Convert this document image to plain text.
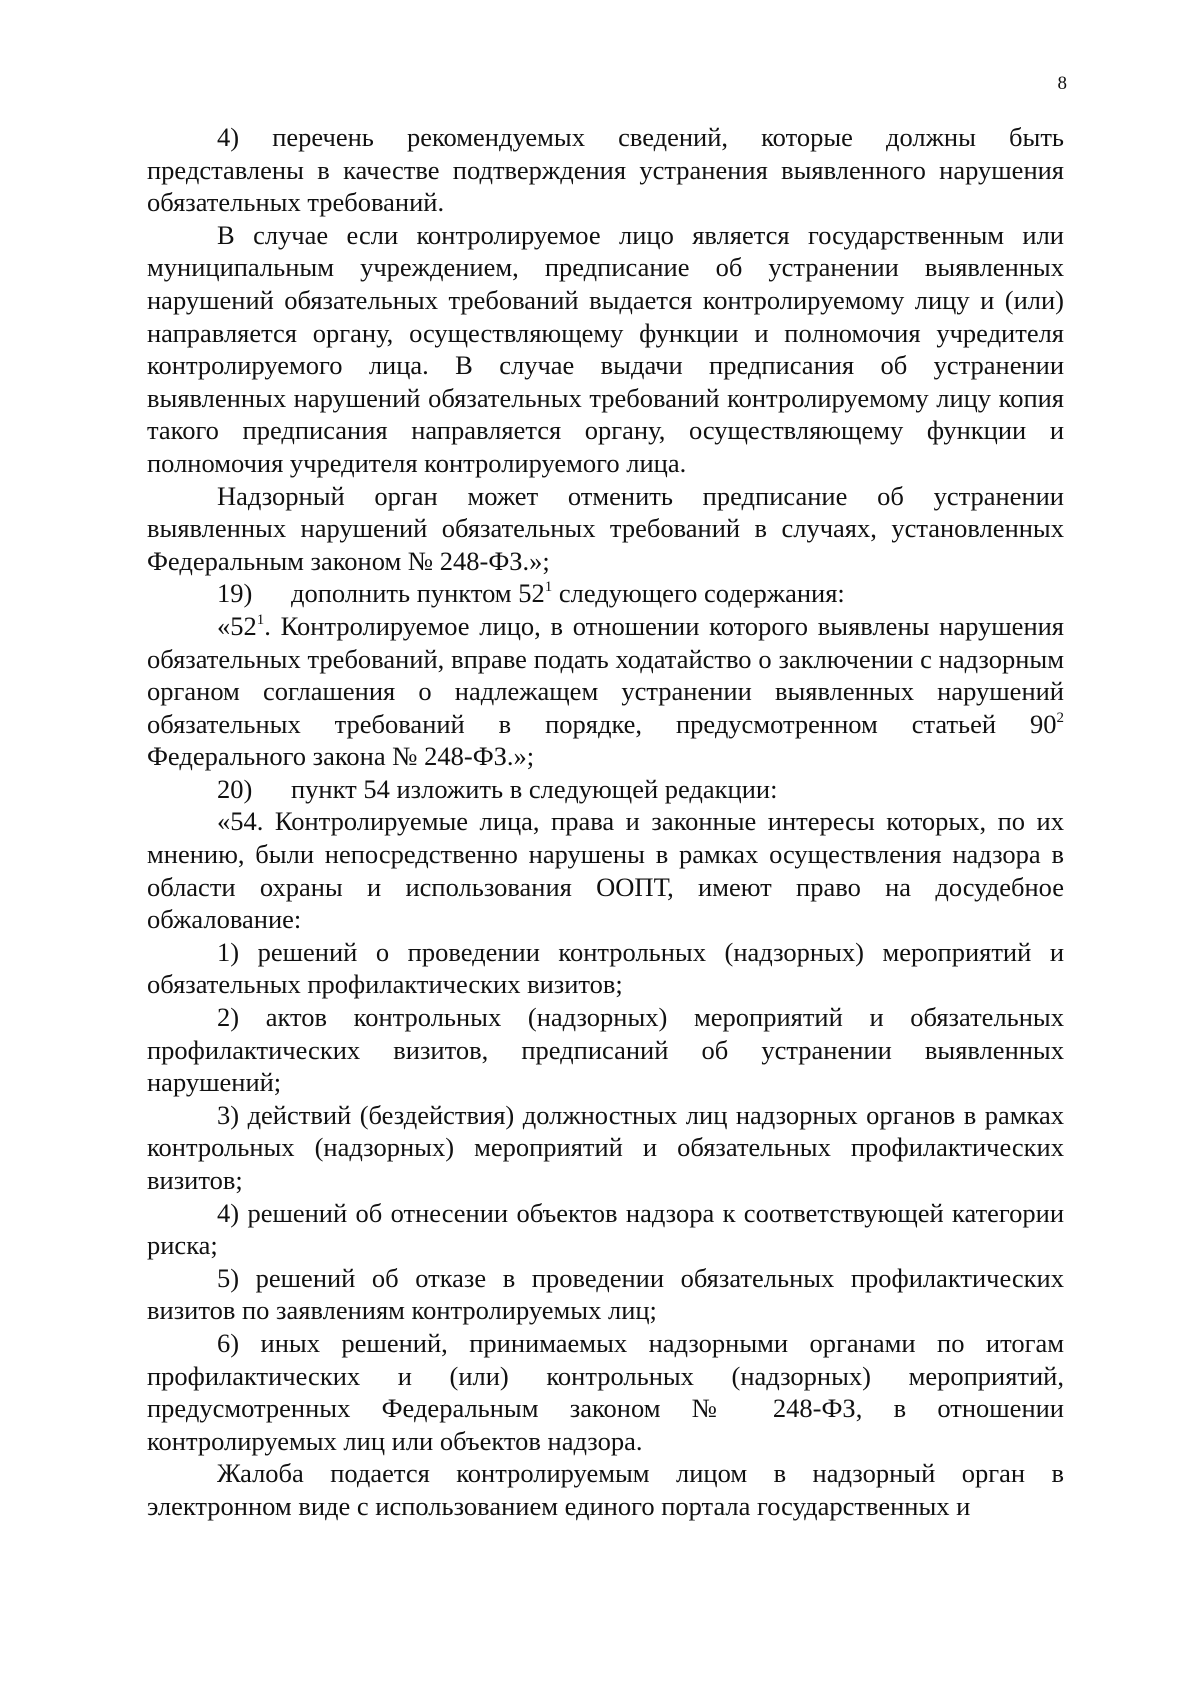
8

4) перечень рекомендуемых сведений, которые должны быть представлены в качестве подтверждения устранения выявленного нарушения обязательных требований.

В случае если контролируемое лицо является государственным или муниципальным учреждением, предписание об устранении выявленных нарушений обязательных требований выдается контролируемому лицу и (или) направляется органу, осуществляющему функции и полномочия учредителя контролируемого лица. В случае выдачи предписания об устранении выявленных нарушений обязательных требований контролируемому лицу копия такого предписания направляется органу, осуществляющему функции и полномочия учредителя контролируемого лица.

Надзорный орган может отменить предписание об устранении выявленных нарушений обязательных требований в случаях, установленных Федеральным законом № 248-ФЗ.»;

19) дополнить пунктом $52^1$ следующего содержания:

«$52^1$. Контролируемое лицо, в отношении которого выявлены нарушения обязательных требований, вправе подать ходатайство о заключении с надзорным органом соглашения о надлежащем устранении выявленных нарушений обязательных требований в порядке, предусмотренном статьей $90^2$ Федерального закона № 248-ФЗ.»;

20) пункт 54 изложить в следующей редакции:

«54. Контролируемые лица, права и законные интересы которых, по их мнению, были непосредственно нарушены в рамках осуществления надзора в области охраны и использования ООПТ, имеют право на досудебное обжалование:

1) решений о проведении контрольных (надзорных) мероприятий и обязательных профилактических визитов;

2) актов контрольных (надзорных) мероприятий и обязательных профилактических визитов, предписаний об устранении выявленных нарушений;

3) действий (бездействия) должностных лиц надзорных органов в рамках контрольных (надзорных) мероприятий и обязательных профилактических визитов;

4) решений об отнесении объектов надзора к соответствующей категории риска;

5) решений об отказе в проведении обязательных профилактических визитов по заявлениям контролируемых лиц;

6) иных решений, принимаемых надзорными органами по итогам профилактических и (или) контрольных (надзорных) мероприятий, предусмотренных Федеральным законом № 248-ФЗ, в отношении контролируемых лиц или объектов надзора.

Жалоба подается контролируемым лицом в надзорный орган в электронном виде с использованием единого портала государственных и
